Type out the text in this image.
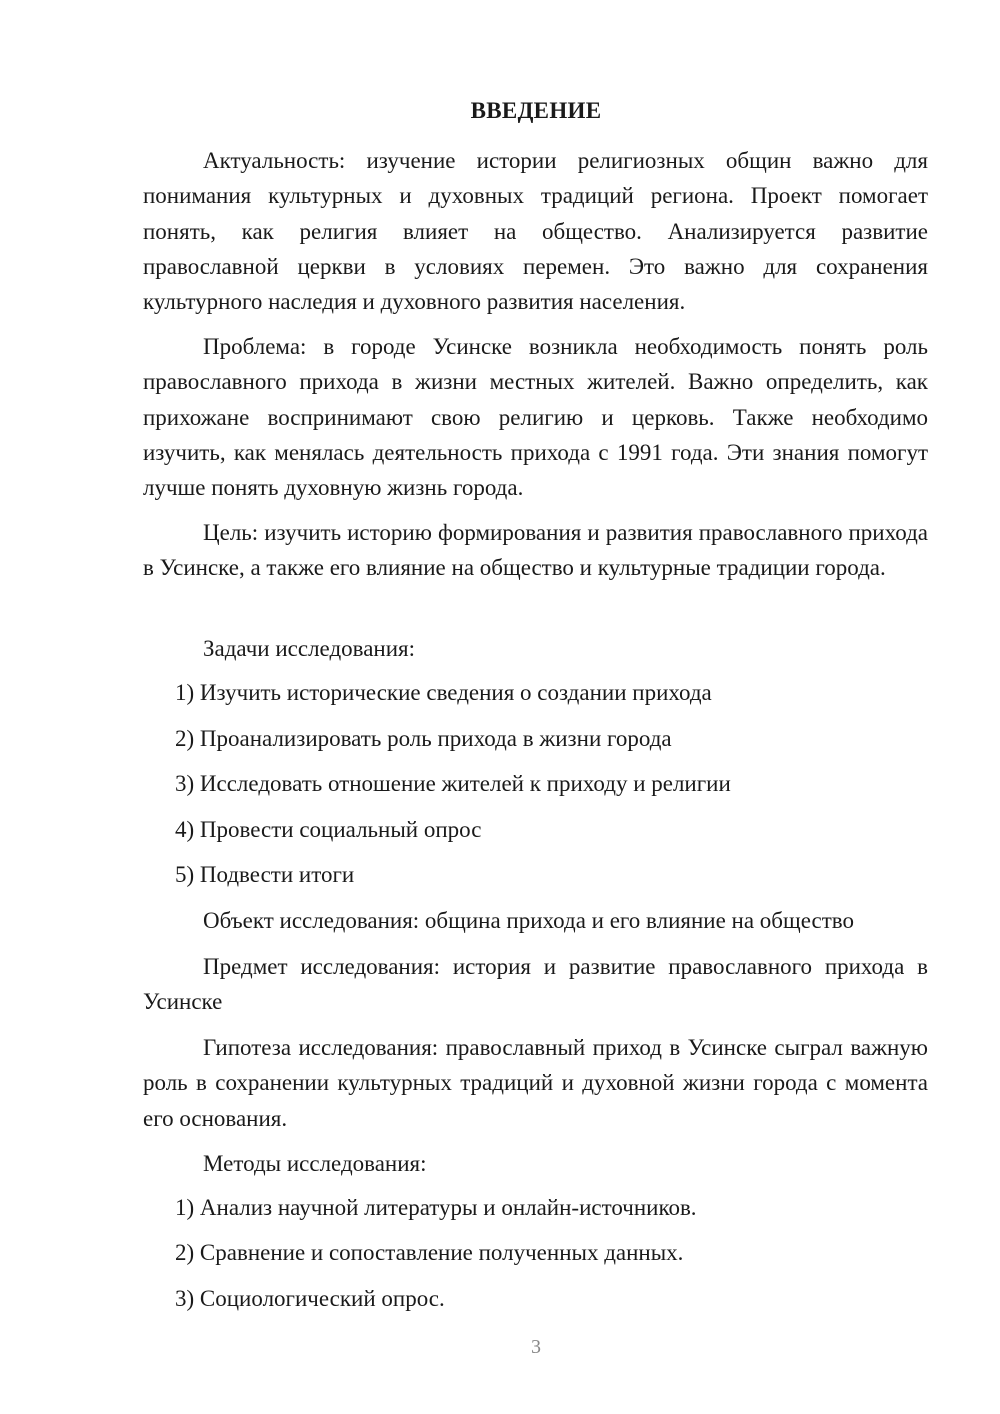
ВВЕДЕНИЕ

Актуальность: изучение истории религиозных общин важно для понимания культурных и духовных традиций региона. Проект помогает понять, как религия влияет на общество. Анализируется развитие православной церкви в условиях перемен. Это важно для сохранения культурного наследия и духовного развития населения.

Проблема: в городе Усинске возникла необходимость понять роль православного прихода в жизни местных жителей. Важно определить, как прихожане воспринимают свою религию и церковь. Также необходимо изучить, как менялась деятельность прихода с 1991 года. Эти знания помогут лучше понять духовную жизнь города.

Цель: изучить историю формирования и развития православного прихода в Усинске, а также его влияние на общество и культурные традиции города.

Задачи исследования:

1) Изучить исторические сведения о создании прихода

2) Проанализировать роль прихода в жизни города

3) Исследовать отношение жителей к приходу и религии

4) Провести социальный опрос

5) Подвести итоги

Объект исследования: община прихода и его влияние на общество

Предмет исследования: история и развитие православного прихода в Усинске

Гипотеза исследования: православный приход в Усинске сыграл важную роль в сохранении культурных традиций и духовной жизни города с момента его основания.

Методы исследования:

1) Анализ научной литературы и онлайн-источников.

2) Сравнение и сопоставление полученных данных.

3) Социологический опрос.

3
